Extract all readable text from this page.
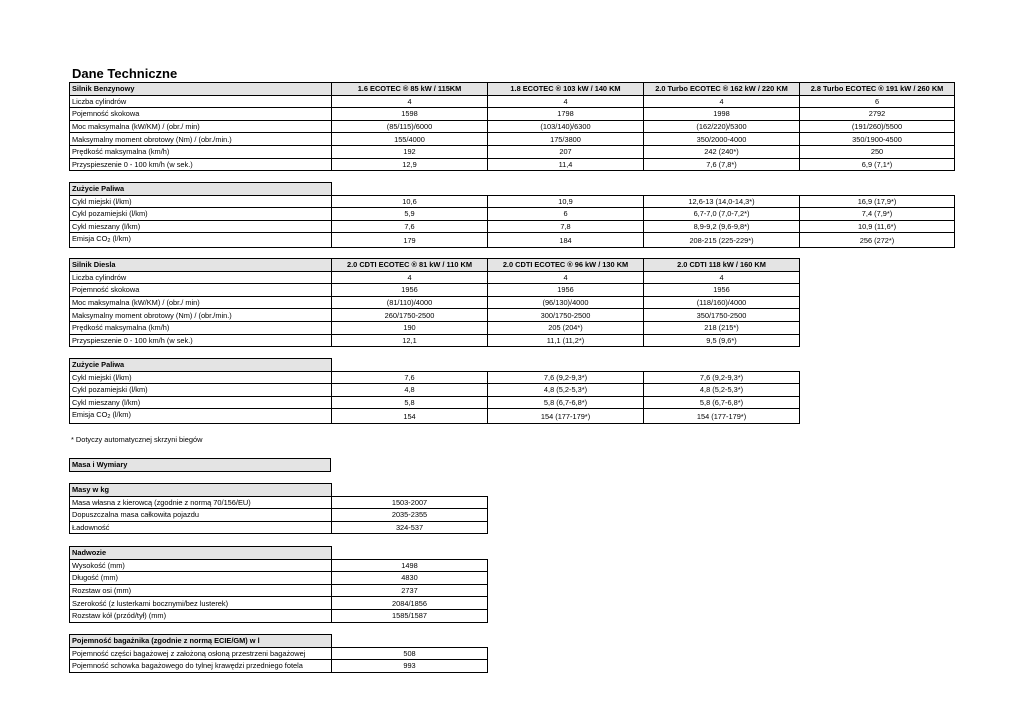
Dane Techniczne
Silnik Benzynowy	1.6 ECOTEC ® 85 kW / 115KM	1.8 ECOTEC ® 103 kW / 140 KM	2.0 Turbo ECOTEC ® 162 kW / 220 KM	2.8 Turbo ECOTEC ® 191 kW / 260 KM
Liczba cylindrów	4	4	4	6
Pojemność skokowa	1598	1798	1998	2792
Moc maksymalna (kW/KM) / (obr./ min)	(85/115)/6000	(103/140)/6300	(162/220)/5300	(191/260)/5500
Maksymalny moment obrotowy (Nm) / (obr./min.)	155/4000	175/3800	350/2000-4000	350/1900-4500
Prędkość maksymalna (km/h)	192	207	242 (240*)	250
Przyspieszenie 0 - 100 km/h (w sek.)	12,9	11,4	7,6 (7,8*)	6,9 (7,1*)
Zużycie Paliwa				
Cykl miejski (l/km)	10,6	10,9	12,6-13 (14,0-14,3*)	16,9 (17,9*)
Cykl pozamiejski (l/km)	5,9	6	6,7-7,0 (7,0-7,2*)	7,4 (7,9*)
Cykl mieszany (l/km)	7,6	7,8	8,9-9,2 (9,6-9,8*)	10,9 (11,6*)
Emisja $CO_2$ (l/km)	179	184	208-215 (225-229*)	256 (272*)
Silnik Diesla	2.0 CDTI ECOTEC ® 81 kW / 110 KM	2.0 CDTI ECOTEC ® 96 kW / 130 KM	2.0 CDTI 118 kW / 160 KM
Liczba cylindrów	4	4	4
Pojemność skokowa	1956	1956	1956
Moc maksymalna (kW/KM) / (obr./ min)	(81/110)/4000	(96/130)/4000	(118/160)/4000
Maksymalny moment obrotowy (Nm) / (obr./min.)	260/1750-2500	300/1750-2500	350/1750-2500
Prędkość maksymalna (km/h)	190	205 (204*)	218 (215*)
Przyspieszenie 0 - 100 km/h (w sek.)	12,1	11,1 (11,2*)	9,5 (9,6*)
Zużycie Paliwa			
Cykl miejski (l/km)	7,6	7,6 (9,2-9,3*)	7,6 (9,2-9,3*)
Cykl pozamiejski (l/km)	4,8	4,8 (5,2-5,3*)	4,8 (5,2-5,3*)
Cykl mieszany (l/km)	5,8	5,8 (6,7-6,8*)	5,8 (6,7-6,8*)
Emisja $CO_2$ (l/km)	154	154 (177-179*)	154 (177-179*)
* Dotyczy automatycznej skrzyni biegów
Masa i Wymiary
Masy w kg	
Masa własna z kierowcą (zgodnie z normą 70/156/EU)	1503-2007
Dopuszczalna masa całkowita pojazdu	2035-2355
Ładowność	324-537
Nadwozie	
Wysokość (mm)	1498
Długość (mm)	4830
Rozstaw osi (mm)	2737
Szerokość (z lusterkami bocznymi/bez lusterek)	2084/1856
Rozstaw kół (przód/tył) (mm)	1585/1587
Pojemność bagażnika (zgodnie z normą ECIE/GM) w l	
Pojemność części bagażowej z założoną osłoną przestrzeni bagażowej	508
Pojemność schowka bagażowego do tylnej krawędzi przedniego fotela	993
